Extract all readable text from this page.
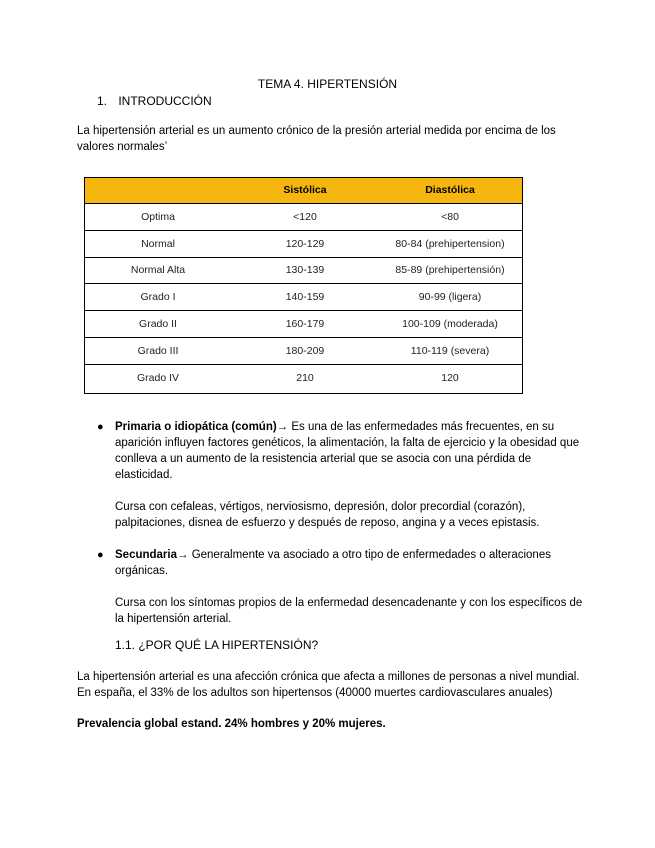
TEMA 4. HIPERTENSIÓN
1. INTRODUCCIÓN
La hipertensión arterial es un aumento crónico de la presión arterial medida por encima de los valores normales’
	Sistólica	Diastólica
Optima	<120	<80
Normal	120-129	80-84 (prehipertension)
Normal Alta	130-139	85-89 (prehipertensión)
Grado I	140-159	90-99 (ligera)
Grado II	160-179	100-109 (moderada)
Grado III	180-209	110-119 (severa)
Grado IV	210	120
● Primaria o idiopática (común)→ Es una de las enfermedades más frecuentes, en su aparición influyen factores genéticos, la alimentación, la falta de ejercicio y la obesidad que conlleva a un aumento de la resistencia arterial que se asocia con una pérdida de elasticidad.

Cursa con cefaleas, vértigos, nerviosismo, depresión, dolor precordial (corazón), palpitaciones, disnea de esfuerzo y después de reposo, angina y a veces epistasis.

● Secundaria→ Generalmente va asociado a otro tipo de enfermedades o alteraciones orgánicas.

Cursa con los síntomas propios de la enfermedad desencadenante y con los específicos de la hipertensión arterial.

1.1. ¿POR QUÉ LA HIPERTENSIÓN?
La hipertensión arterial es una afección crónica que afecta a millones de personas a nivel mundial. En españa, el 33% de los adultos son hipertensos (40000 muertes cardiovasculares anuales)
Prevalencia global estand. 24% hombres y 20% mujeres.
